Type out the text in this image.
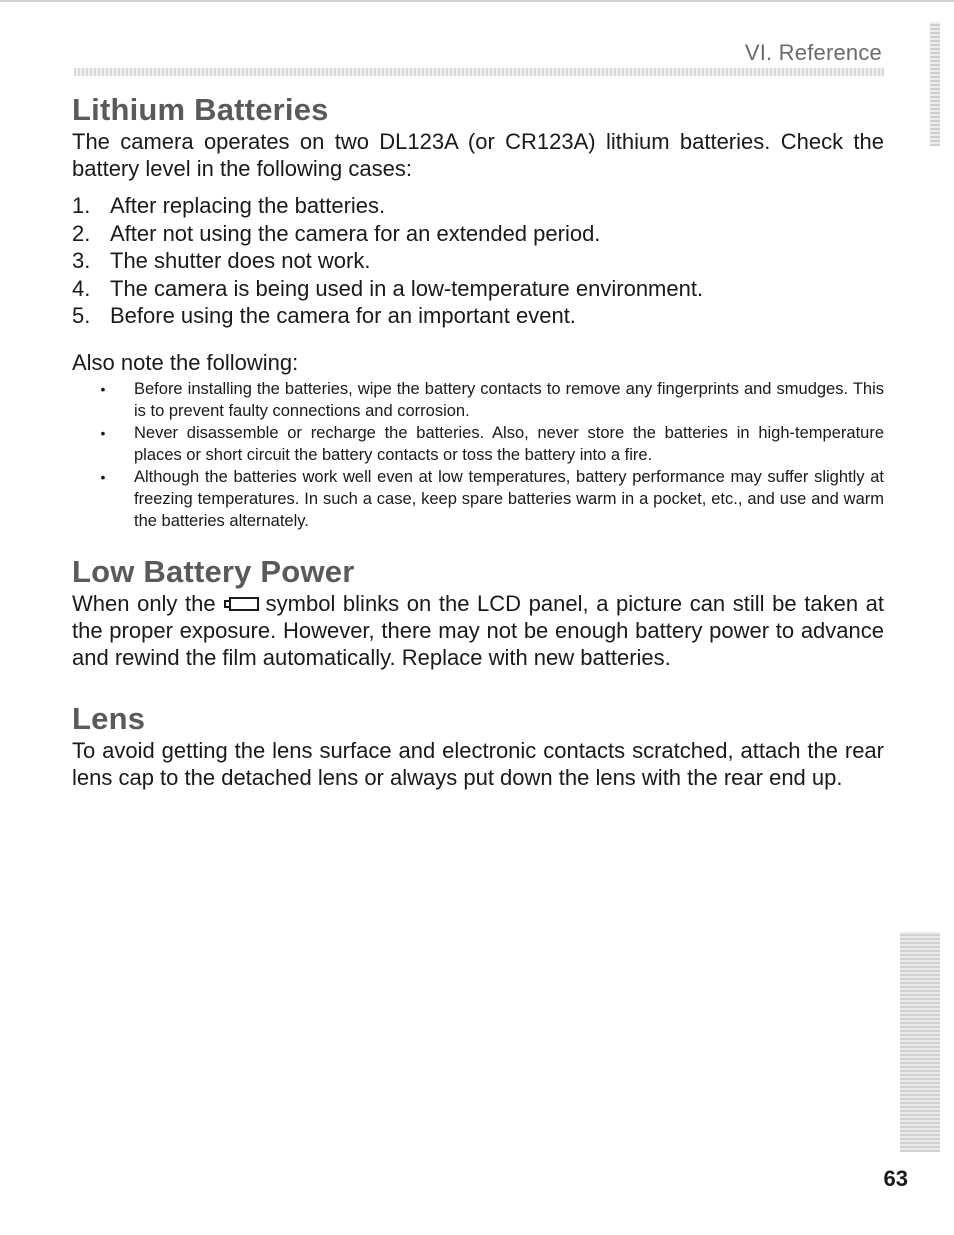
VI. Reference
Lithium Batteries

The camera operates on two DL123A (or CR123A) lithium batteries. Check the battery level in the following cases:

1. After replacing the batteries.
2. After not using the camera for an extended period.
3. The shutter does not work.
4. The camera is being used in a low-temperature environment.
5. Before using the camera for an important event.
Also note the following:
•	Before installing the batteries, wipe the battery contacts to remove any fingerprints and smudges. This is to prevent faulty connections and corrosion.
•	Never disassemble or recharge the batteries. Also, never store the batteries in high-temperature places or short circuit the battery contacts or toss the battery into a fire.
•	Although the batteries work well even at low temperatures, battery performance may suffer slightly at freezing temperatures. In such a case, keep spare batteries warm in a pocket, etc., and use and warm the batteries alternately.
Low Battery Power

When only the symbol blinks on the LCD panel, a picture can still be taken at the proper exposure. However, there may not be enough battery power to advance and rewind the film automatically. Replace with new batteries.

Lens

To avoid getting the lens surface and electronic contacts scratched, attach the rear lens cap to the detached lens or always put down the lens with the rear end up.

63
